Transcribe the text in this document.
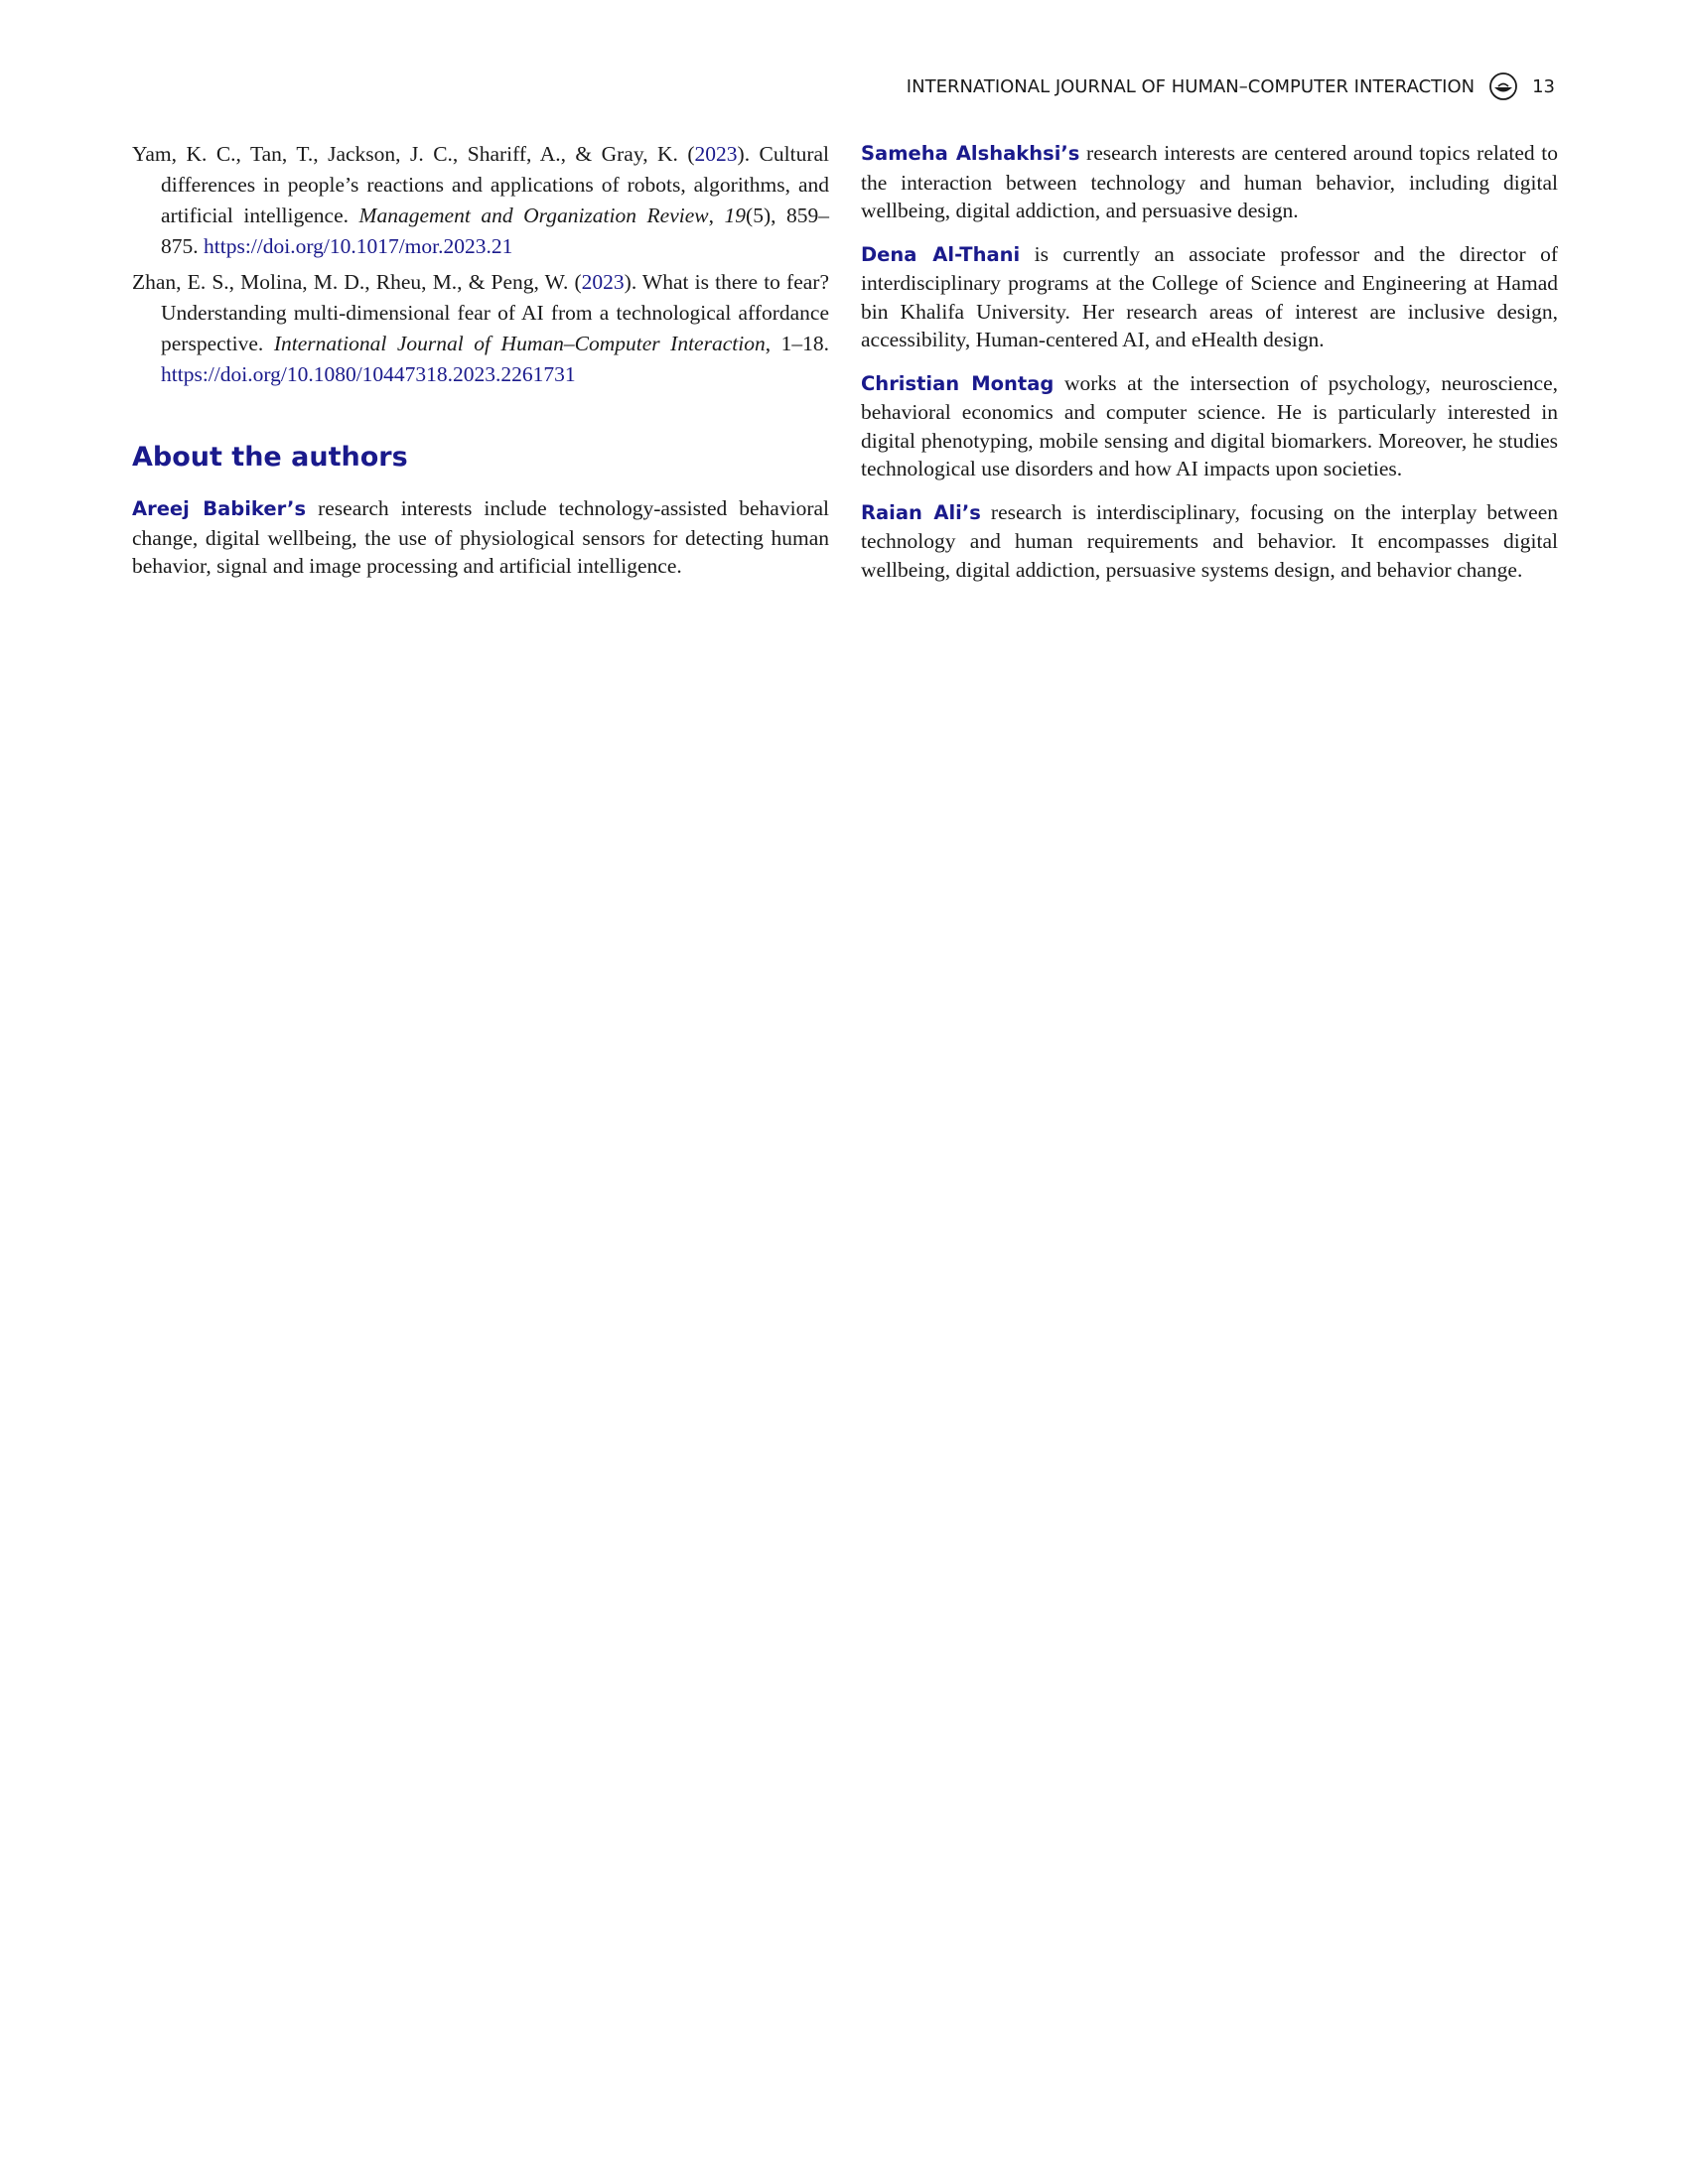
INTERNATIONAL JOURNAL OF HUMAN–COMPUTER INTERACTION	13

Yam, K. C., Tan, T., Jackson, J. C., Shariff, A., & Gray, K. (2023). Cultural differences in people’s reactions and applications of robots, algorithms, and artificial intelligence. Management and Organization Review, 19(5), 859–875. https://doi.org/10.1017/mor.2023.21

Zhan, E. S., Molina, M. D., Rheu, M., & Peng, W. (2023). What is there to fear? Understanding multi-dimensional fear of AI from a technological affordance perspective. International Journal of Human–Computer Interaction, 1–18. https://doi.org/10.1080/10447318.2023.2261731

About the authors

Areej Babiker’s research interests include technology-assisted behavioral change, digital wellbeing, the use of physiological sensors for detecting human behavior, signal and image processing and artificial intelligence.

Sameha Alshakhsi’s research interests are centered around topics related to the interaction between technology and human behavior, including digital wellbeing, digital addiction, and persuasive design.

Dena Al-Thani is currently an associate professor and the director of interdisciplinary programs at the College of Science and Engineering at Hamad bin Khalifa University. Her research areas of interest are inclusive design, accessibility, Human-centered AI, and eHealth design.

Christian Montag works at the intersection of psychology, neuroscience, behavioral economics and computer science. He is particularly interested in digital phenotyping, mobile sensing and digital biomarkers. Moreover, he studies technological use disorders and how AI impacts upon societies.

Raian Ali’s research is interdisciplinary, focusing on the interplay between technology and human requirements and behavior. It encompasses digital wellbeing, digital addiction, persuasive systems design, and behavior change.
